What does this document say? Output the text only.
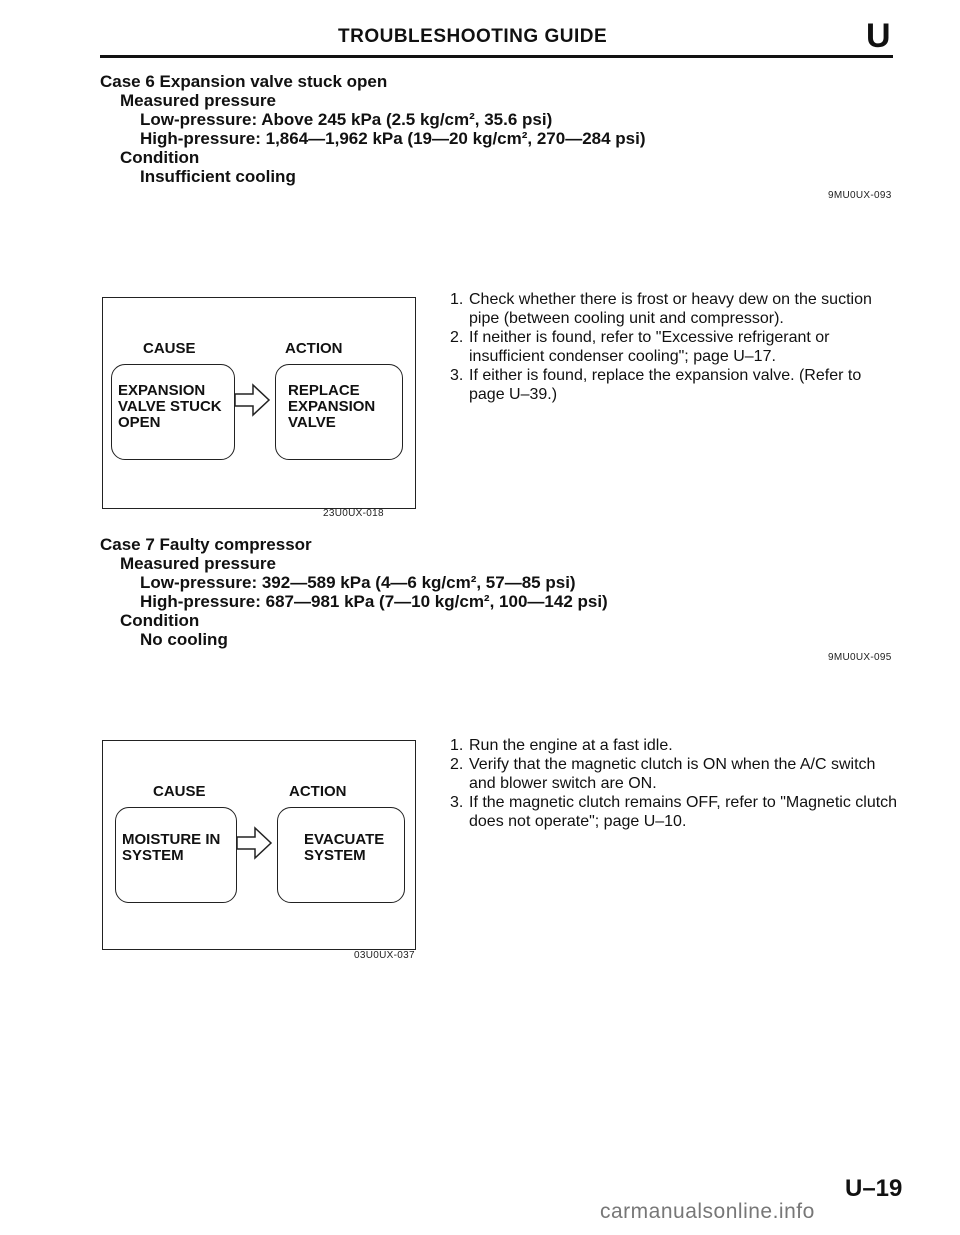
TROUBLESHOOTING GUIDE	U
Case 6 Expansion valve stuck open
Measured pressure
Low-pressure: Above 245 kPa (2.5 kg/cm², 35.6 psi)
High-pressure: 1,864—1,962 kPa (19—20 kg/cm², 270—284 psi)
Condition
Insufficient cooling
9MU0UX-093
CAUSE	ACTION
EXPANSION VALVE STUCK OPEN
REPLACE EXPANSION VALVE
23U0UX-018
1. Check whether there is frost or heavy dew on the suction pipe (between cooling unit and compressor).
2. If neither is found, refer to "Excessive refrigerant or insufficient condenser cooling"; page U–17.
3. If either is found, replace the expansion valve. (Refer to page U–39.)
Case 7 Faulty compressor
Measured pressure
Low-pressure: 392—589 kPa (4—6 kg/cm², 57—85 psi)
High-pressure: 687—981 kPa (7—10 kg/cm², 100—142 psi)
Condition
No cooling
9MU0UX-095
CAUSE	ACTION
MOISTURE IN SYSTEM
EVACUATE SYSTEM
03U0UX-037
1. Run the engine at a fast idle.
2. Verify that the magnetic clutch is ON when the A/C switch and blower switch are ON.
3. If the magnetic clutch remains OFF, refer to "Magnetic clutch does not operate"; page U–10.
U–19
carmanualsonline.info
